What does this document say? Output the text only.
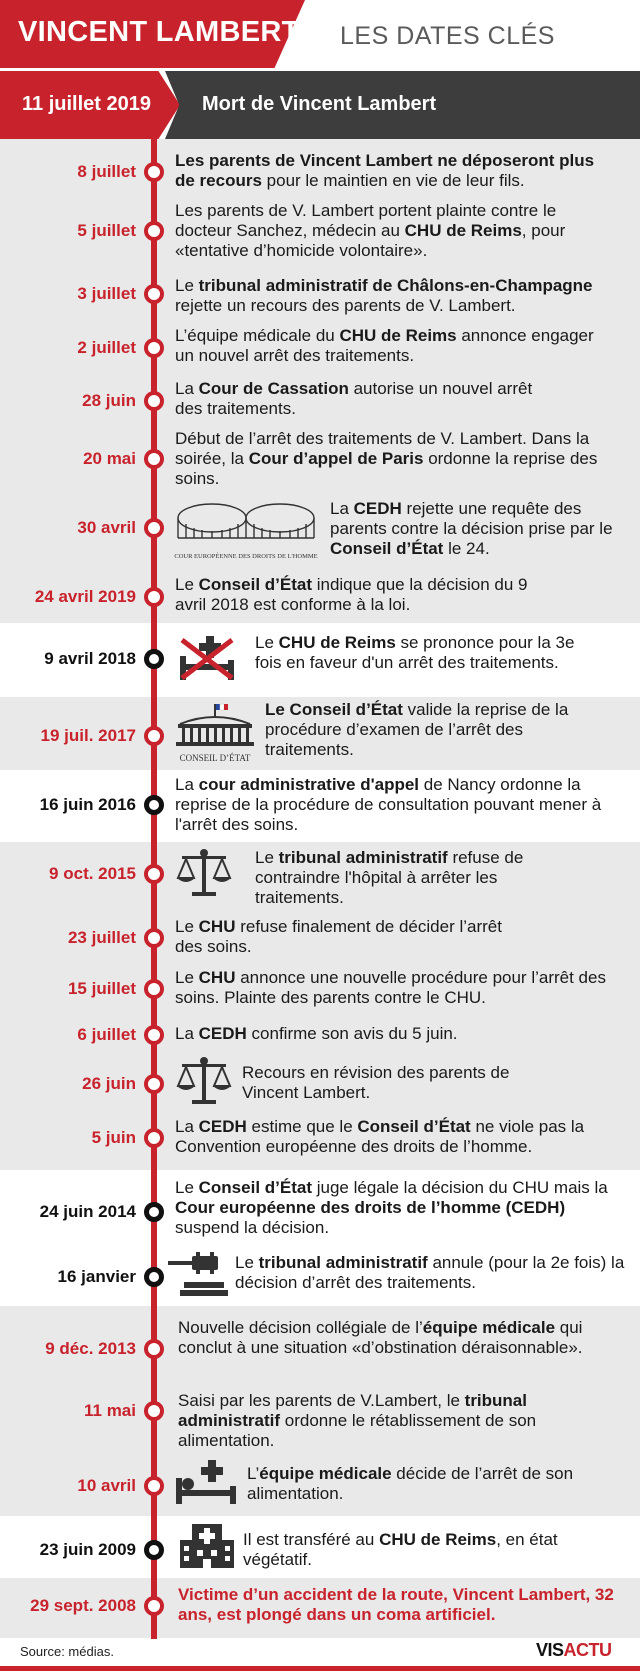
VINCENT LAMBERT LES DATES CLÉS
11 juillet 2019	Mort de Vincent Lambert
8 juillet
Les parents de Vincent Lambert ne déposeront plus de recours pour le maintien en vie de leur fils.
5 juillet
Les parents de V. Lambert portent plainte contre le docteur Sanchez, médecin au CHU de Reims, pour «tentative d’homicide volontaire».
3 juillet Le tribunal administratif de Châlons-en-Champagne rejette un recours des parents de V. Lambert.
2 juillet
L’équipe médicale du CHU de Reims annonce engager un nouvel arrêt des traitements.
28 juin
La Cour de Cassation autorise un nouvel arrêt des traitements.
20 mai
Début de l’arrêt des traitements de V. Lambert. Dans la soirée, la Cour d’appel de Paris ordonne la reprise des soins.
30 avril
COUR EUROPÉENNE DES DROITS DE L'HOMME
La CEDH rejette une requête des parents contre la décision prise par le Conseil d’État le 24.
24 avril 2019
Le Conseil d’État indique que la décision du 9 avril 2018 est conforme à la loi.
9 avril 2018
Le CHU de Reims se prononce pour la 3e fois en faveur d'un arrêt des traitements.
19 juil. 2017
CONSEIL D’ÉTAT
Le Conseil d’État valide la reprise de la procédure d’examen de l’arrêt des traitements.
16 juin 2016
La cour administrative d'appel de Nancy ordonne la reprise de la procédure de consultation pouvant mener à l'arrêt des soins.
9 oct. 2015
Le tribunal administratif refuse de contraindre l'hôpital à arrêter les traitements.
23 juillet
Le CHU refuse finalement de décider l’arrêt des soins.
15 juillet
Le CHU annonce une nouvelle procédure pour l’arrêt des soins. Plainte des parents contre le CHU.
6 juillet La CEDH confirme son avis du 5 juin.
26 juin
Recours en révision des parents de Vincent Lambert.
5 juin
La CEDH estime que le Conseil d’État ne viole pas la Convention européenne des droits de l’homme.
24 juin 2014
Le Conseil d’État juge légale la décision du CHU mais la Cour européenne des droits de l’homme (CEDH) suspend la décision.
16 janvier
Le tribunal administratif annule (pour la 2e fois) la décision d’arrêt des traitements.
9 déc. 2013
Nouvelle décision collégiale de l’équipe médicale qui conclut à une situation «d’obstination déraisonnable».
11 mai
Saisi par les parents de V.Lambert, le tribunal administratif ordonne le rétablissement de son alimentation.
10 avril
L’équipe médicale décide de l’arrêt de son alimentation.
23 juin 2009
Il est transféré au CHU de Reims, en état végétatif.
29 sept. 2008
Victime d’un accident de la route, Vincent Lambert, 32 ans, est plongé dans un coma artificiel.
Source: médias.	VISACTU
